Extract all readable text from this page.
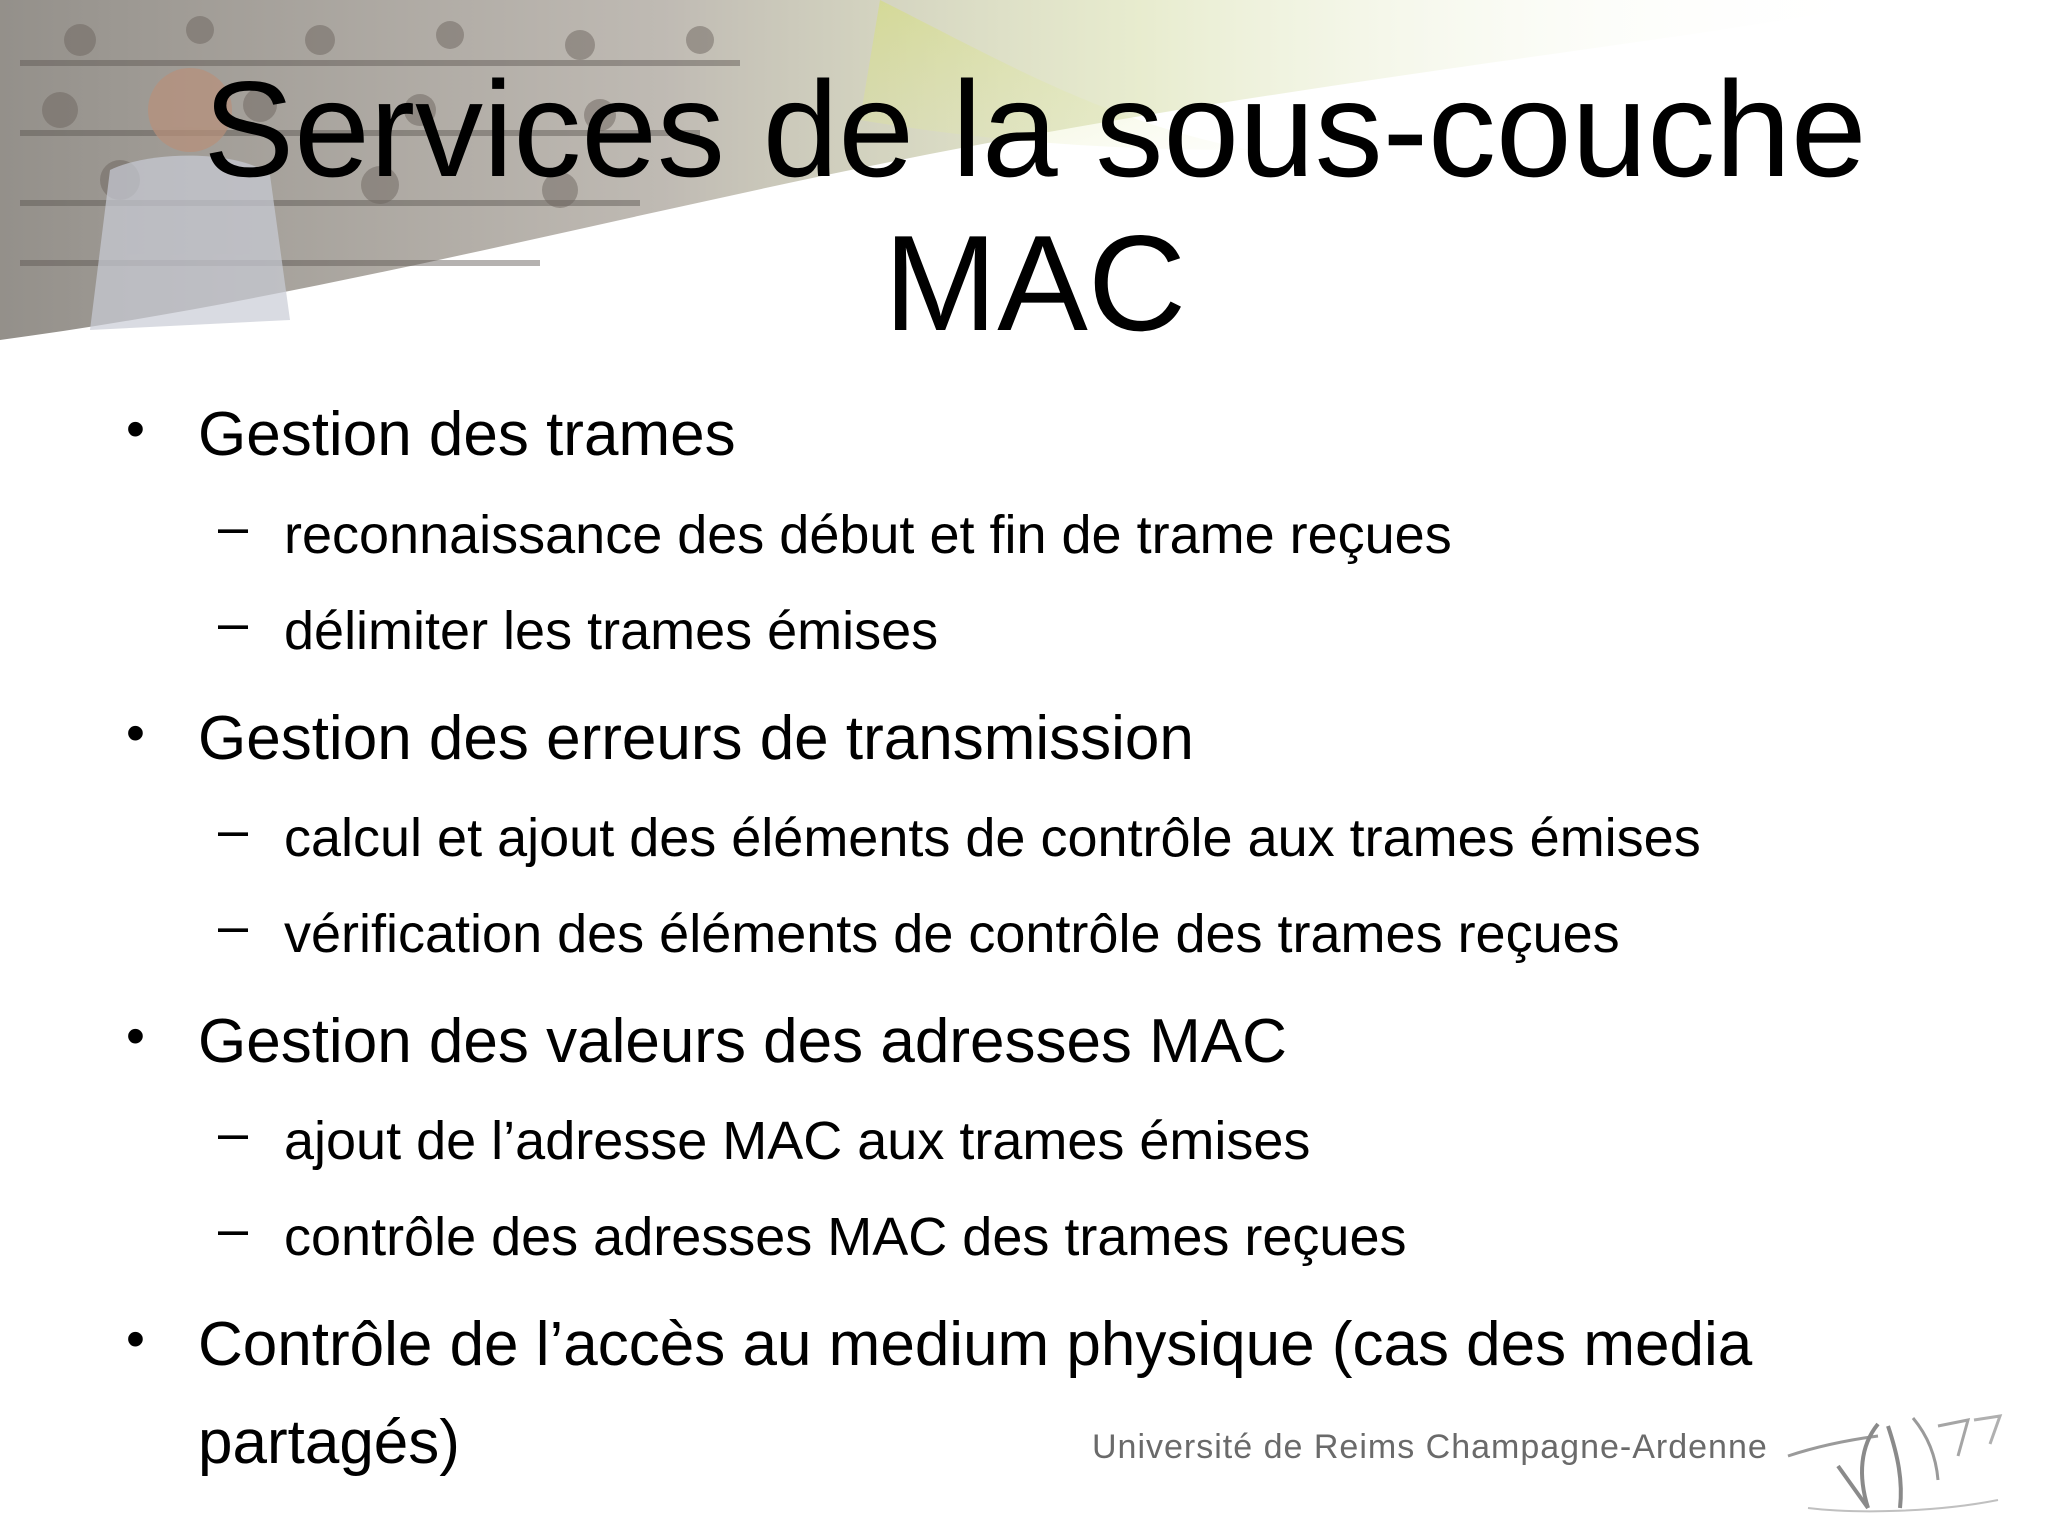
Services de la sous-couche
MAC
• Gestion des trames
– reconnaissance des début et fin de trame reçues
– délimiter les trames émises
• Gestion des erreurs de transmission
– calcul et ajout des éléments de contrôle aux trames émises
– vérification des éléments de contrôle des trames reçues
• Gestion des valeurs des adresses MAC
– ajout de l’adresse MAC aux trames émises
– contrôle des adresses MAC des trames reçues
• Contrôle de l’accès au medium physique (cas des media
partagés)	Université de Reims Champagne-Ardenne
